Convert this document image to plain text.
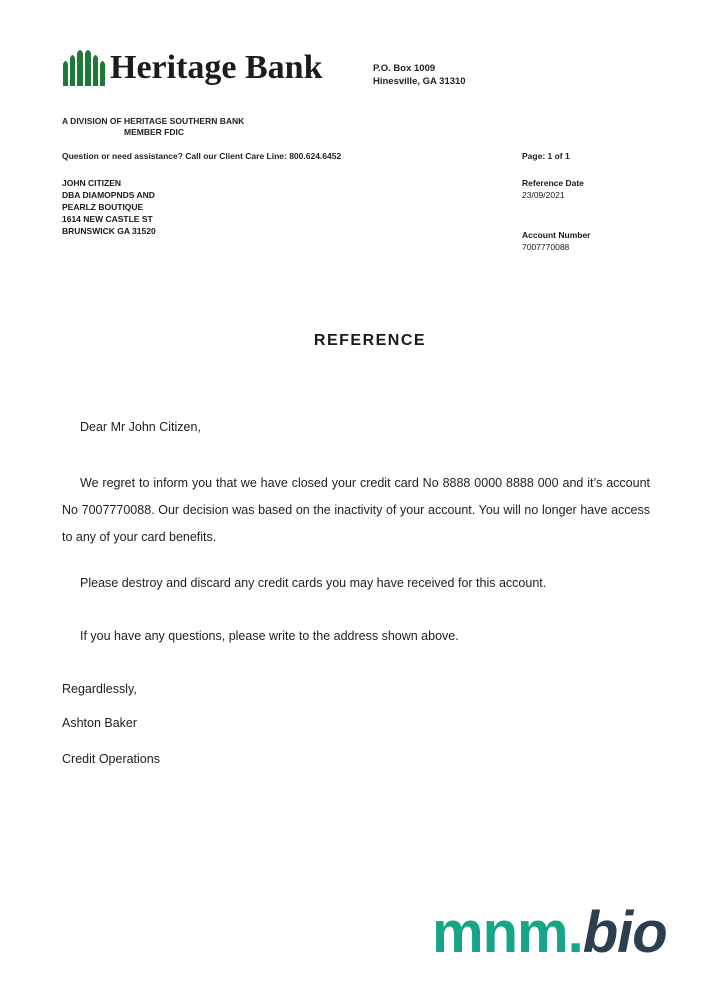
Heritage Bank	P.O. Box 1009
Hinesville, GA 31310
A DIVISION OF HERITAGE SOUTHERN BANK
MEMBER FDIC
Question or need assistance? Call our Client Care Line: 800.624.6452	Page: 1 of 1
JOHN CITIZEN
DBA DIAMOPNDS AND
PEARLZ BOUTIQUE
1614 NEW CASTLE ST
BRUNSWICK GA 31520
Reference Date
23/09/2021
Account Number
7007770088
REFERENCE
Dear Mr John Citizen,
We regret to inform you that we have closed your credit card No 8888 0000 8888 000 and it’s account No 7007770088. Our decision was based on the inactivity of your account. You will no longer have access to any of your card benefits.
Please destroy and discard any credit cards you may have received for this account.
If you have any questions, please write to the address shown above.
Regardlessly,
Ashton Baker
Credit Operations
mnm.bio
